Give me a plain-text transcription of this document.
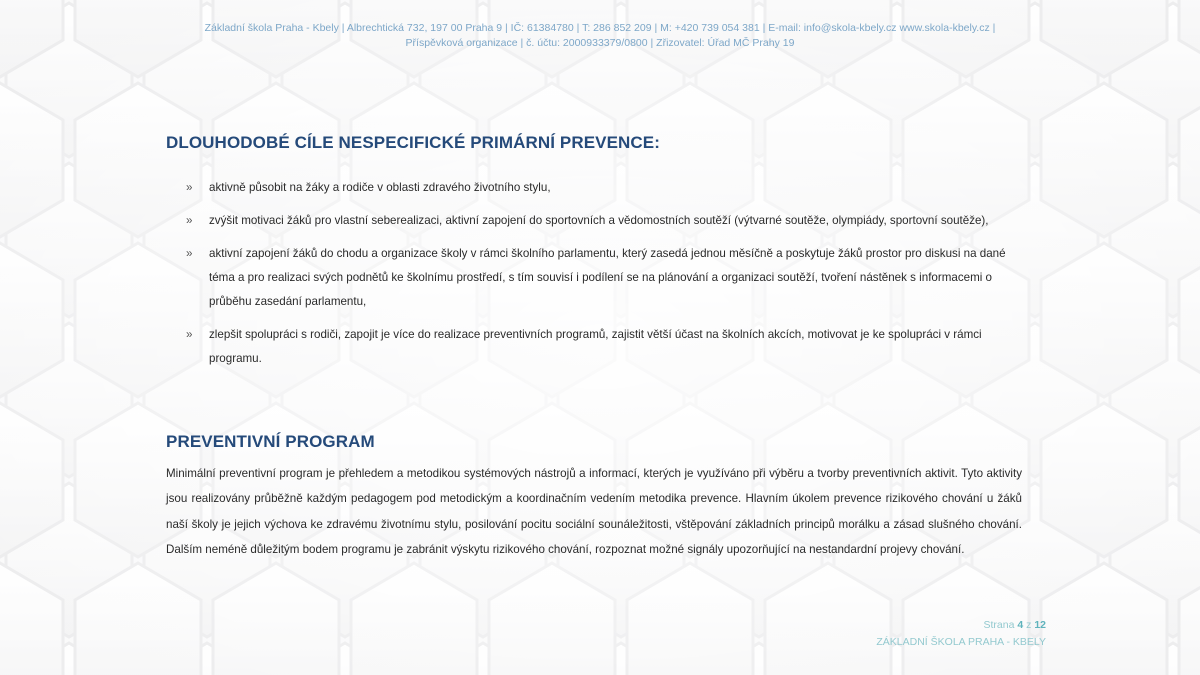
Základní škola Praha - Kbely | Albrechtická 732, 197 00 Praha 9 | IČ: 61384780 | T: 286 852 209 | M: +420 739 054 381 | E-mail: info@skola-kbely.cz www.skola-kbely.cz |
Příspěvková organizace | č. účtu: 2000933379/0800 | Zřizovatel: Úřad MČ Prahy 19
DLOUHODOBÉ CÍLE NESPECIFICKÉ PRIMÁRNÍ PREVENCE:
» aktivně působit na žáky a rodiče v oblasti zdravého životního stylu,
» zvýšit motivaci žáků pro vlastní seberealizaci, aktivní zapojení do sportovních a vědomostních soutěží (výtvarné soutěže, olympiády, sportovní soutěže),
» aktivní zapojení žáků do chodu a organizace školy v rámci školního parlamentu, který zasedá jednou měsíčně a poskytuje žáků prostor pro diskusi na dané téma a pro realizaci svých podnětů ke školnímu prostředí, s tím souvisí i podílení se na plánování a organizaci soutěží, tvoření nástěnek s informacemi o průběhu zasedání parlamentu,
» zlepšit spolupráci s rodiči, zapojit je více do realizace preventivních programů, zajistit větší účast na školních akcích, motivovat je ke spolupráci v rámci programu.
PREVENTIVNÍ PROGRAM

Minimální preventivní program je přehledem a metodikou systémových nástrojů a informací, kterých je využíváno při výběru a tvorby preventivních aktivit. Tyto aktivity jsou realizovány průběžně každým pedagogem pod metodickým a koordinačním vedením metodika prevence. Hlavním úkolem prevence rizikového chování u žáků naší školy je jejich výchova ke zdravému životnímu stylu, posilování pocitu sociální sounáležitosti, vštěpování základních principů morálku a zásad slušného chování. Dalším neméně důležitým bodem programu je zabránit výskytu rizikového chování, rozpoznat možné signály upozorňující na nestandardní projevy chování.

Strana 4 z 12
ZÁKLADNÍ ŠKOLA PRAHA - KBELY
